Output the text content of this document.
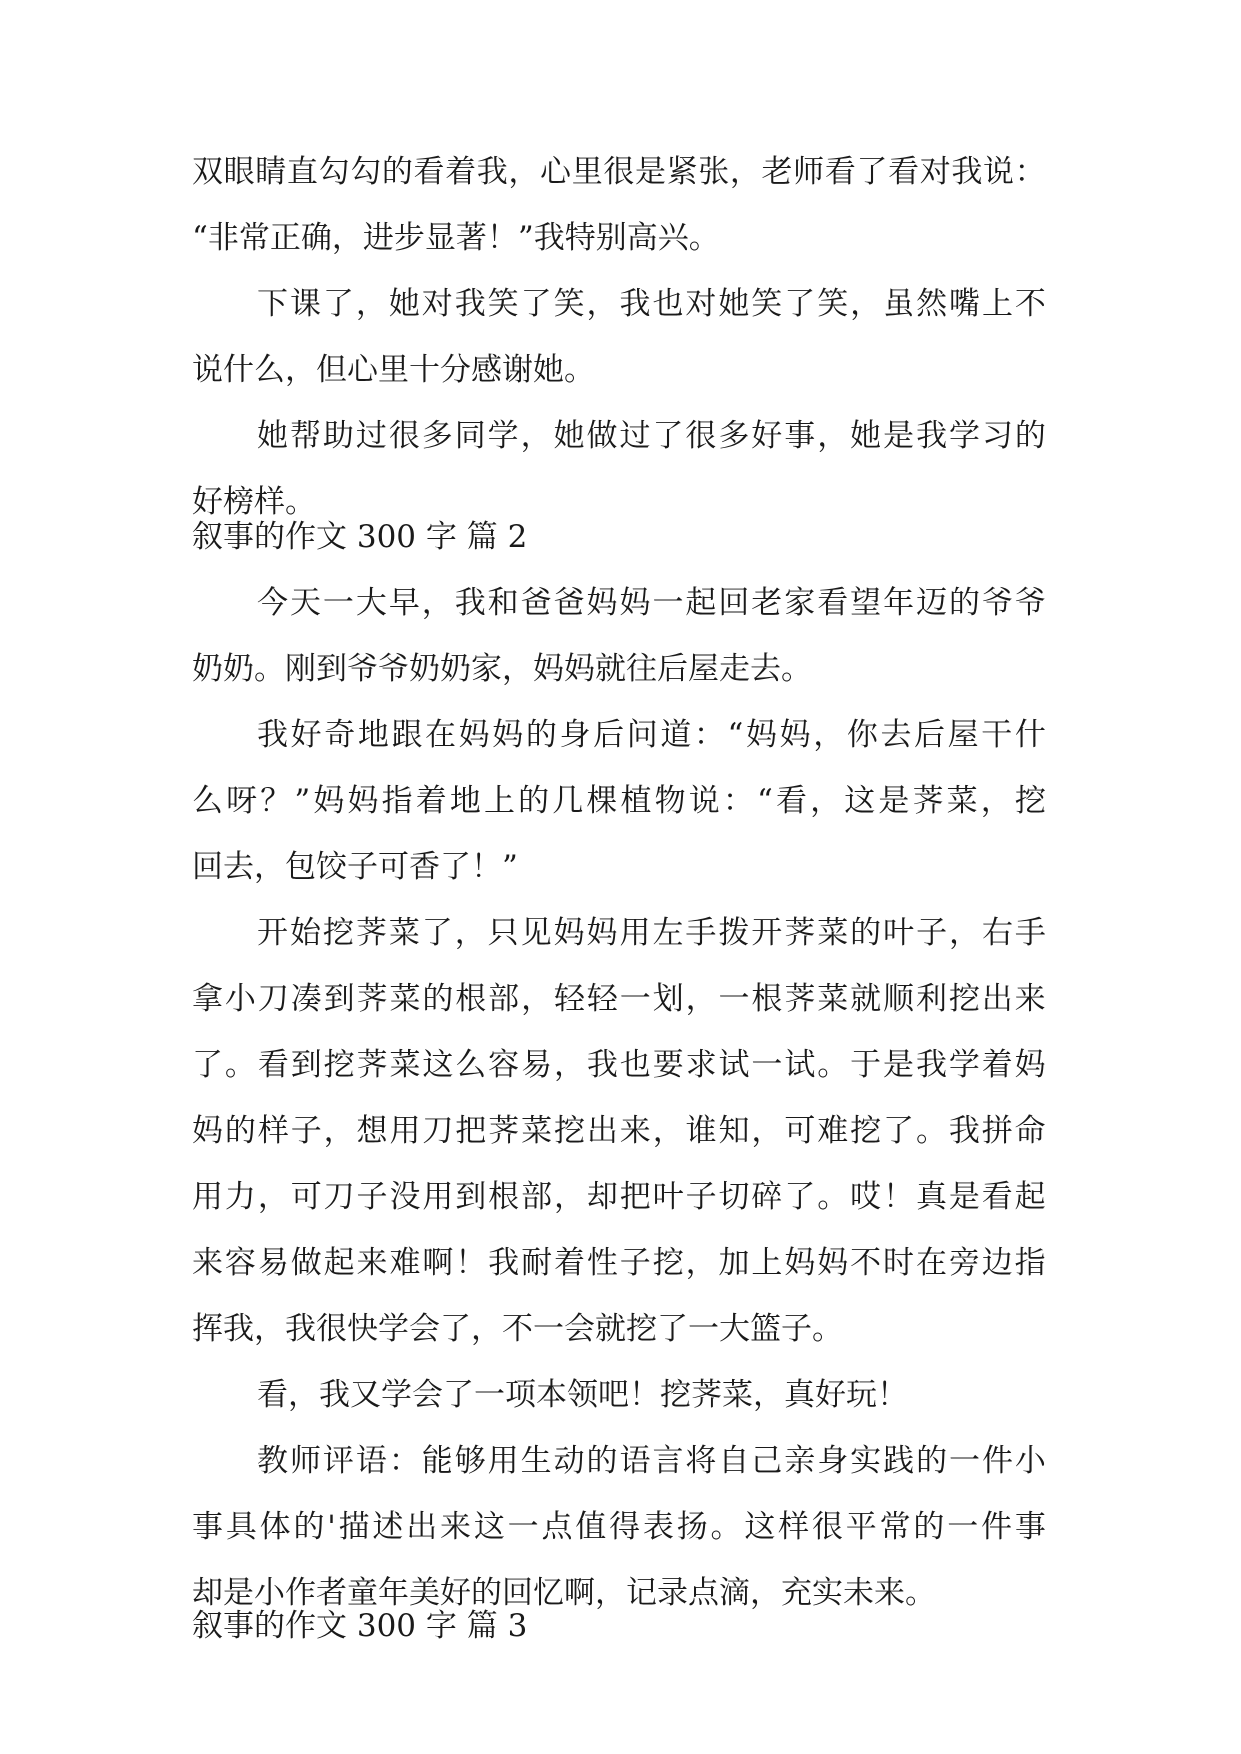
双 眼 睛 直 勾 勾 的 看 着 我 ， 心 里 很 是 紧 张 ， 老 师 看 了 看 对 我 说 ：

“非常正确，进步显著！”我特别高兴。

下 课 了 ， 她 对 我 笑 了 笑 ， 我 也 对 她 笑 了 笑 ， 虽 然 嘴 上 不

说什么，但心里十分感谢她。

她 帮 助 过 很 多 同 学 ， 她 做 过 了 很 多 好 事 ， 她 是 我 学 习 的

好榜样。

叙事的作文 300 字 篇 2

今 天 一 大 早 ， 我 和 爸 爸 妈 妈 一 起 回 老 家 看 望 年 迈 的 爷 爷

奶奶。刚到爷爷奶奶家，妈妈就往后屋走去。

我 好 奇 地 跟 在 妈 妈 的 身 后 问 道 ： “ 妈 妈 ， 你 去 后 屋 干 什

么 呀 ？ ” 妈 妈 指 着 地 上 的 几 棵 植 物 说 ： “ 看 ， 这 是 荠 菜 ， 挖

回去，包饺子可香了！”

开 始 挖 荠 菜 了 ， 只 见 妈 妈 用 左 手 拨 开 荠 菜 的 叶 子 ， 右 手

拿 小 刀 凑 到 荠 菜 的 根 部 ， 轻 轻 一 划 ， 一 根 荠 菜 就 顺 利 挖 出 来

了 。 看 到 挖 荠 菜 这 么 容 易 ， 我 也 要 求 试 一 试 。 于 是 我 学 着 妈

妈 的 样 子 ， 想 用 刀 把 荠 菜 挖 出 来 ， 谁 知 ， 可 难 挖 了 。 我 拼 命

用 力 ， 可 刀 子 没 用 到 根 部 ， 却 把 叶 子 切 碎 了 。 哎 ！ 真 是 看 起

来 容 易 做 起 来 难 啊 ！ 我 耐 着 性 子 挖 ， 加 上 妈 妈 不 时 在 旁 边 指

挥我，我很快学会了，不一会就挖了一大篮子。

看，我又学会了一项本领吧！挖荠菜，真好玩！

教 师 评 语 ： 能 够 用 生 动 的 语 言 将 自 己 亲 身 实 践 的 一 件 小

事 具 体 的 ' 描 述 出 来 这 一 点 值 得 表 扬 。 这 样 很 平 常 的 一 件 事

却是小作者童年美好的回忆啊，记录点滴，充实未来。

叙事的作文 300 字 篇 3
